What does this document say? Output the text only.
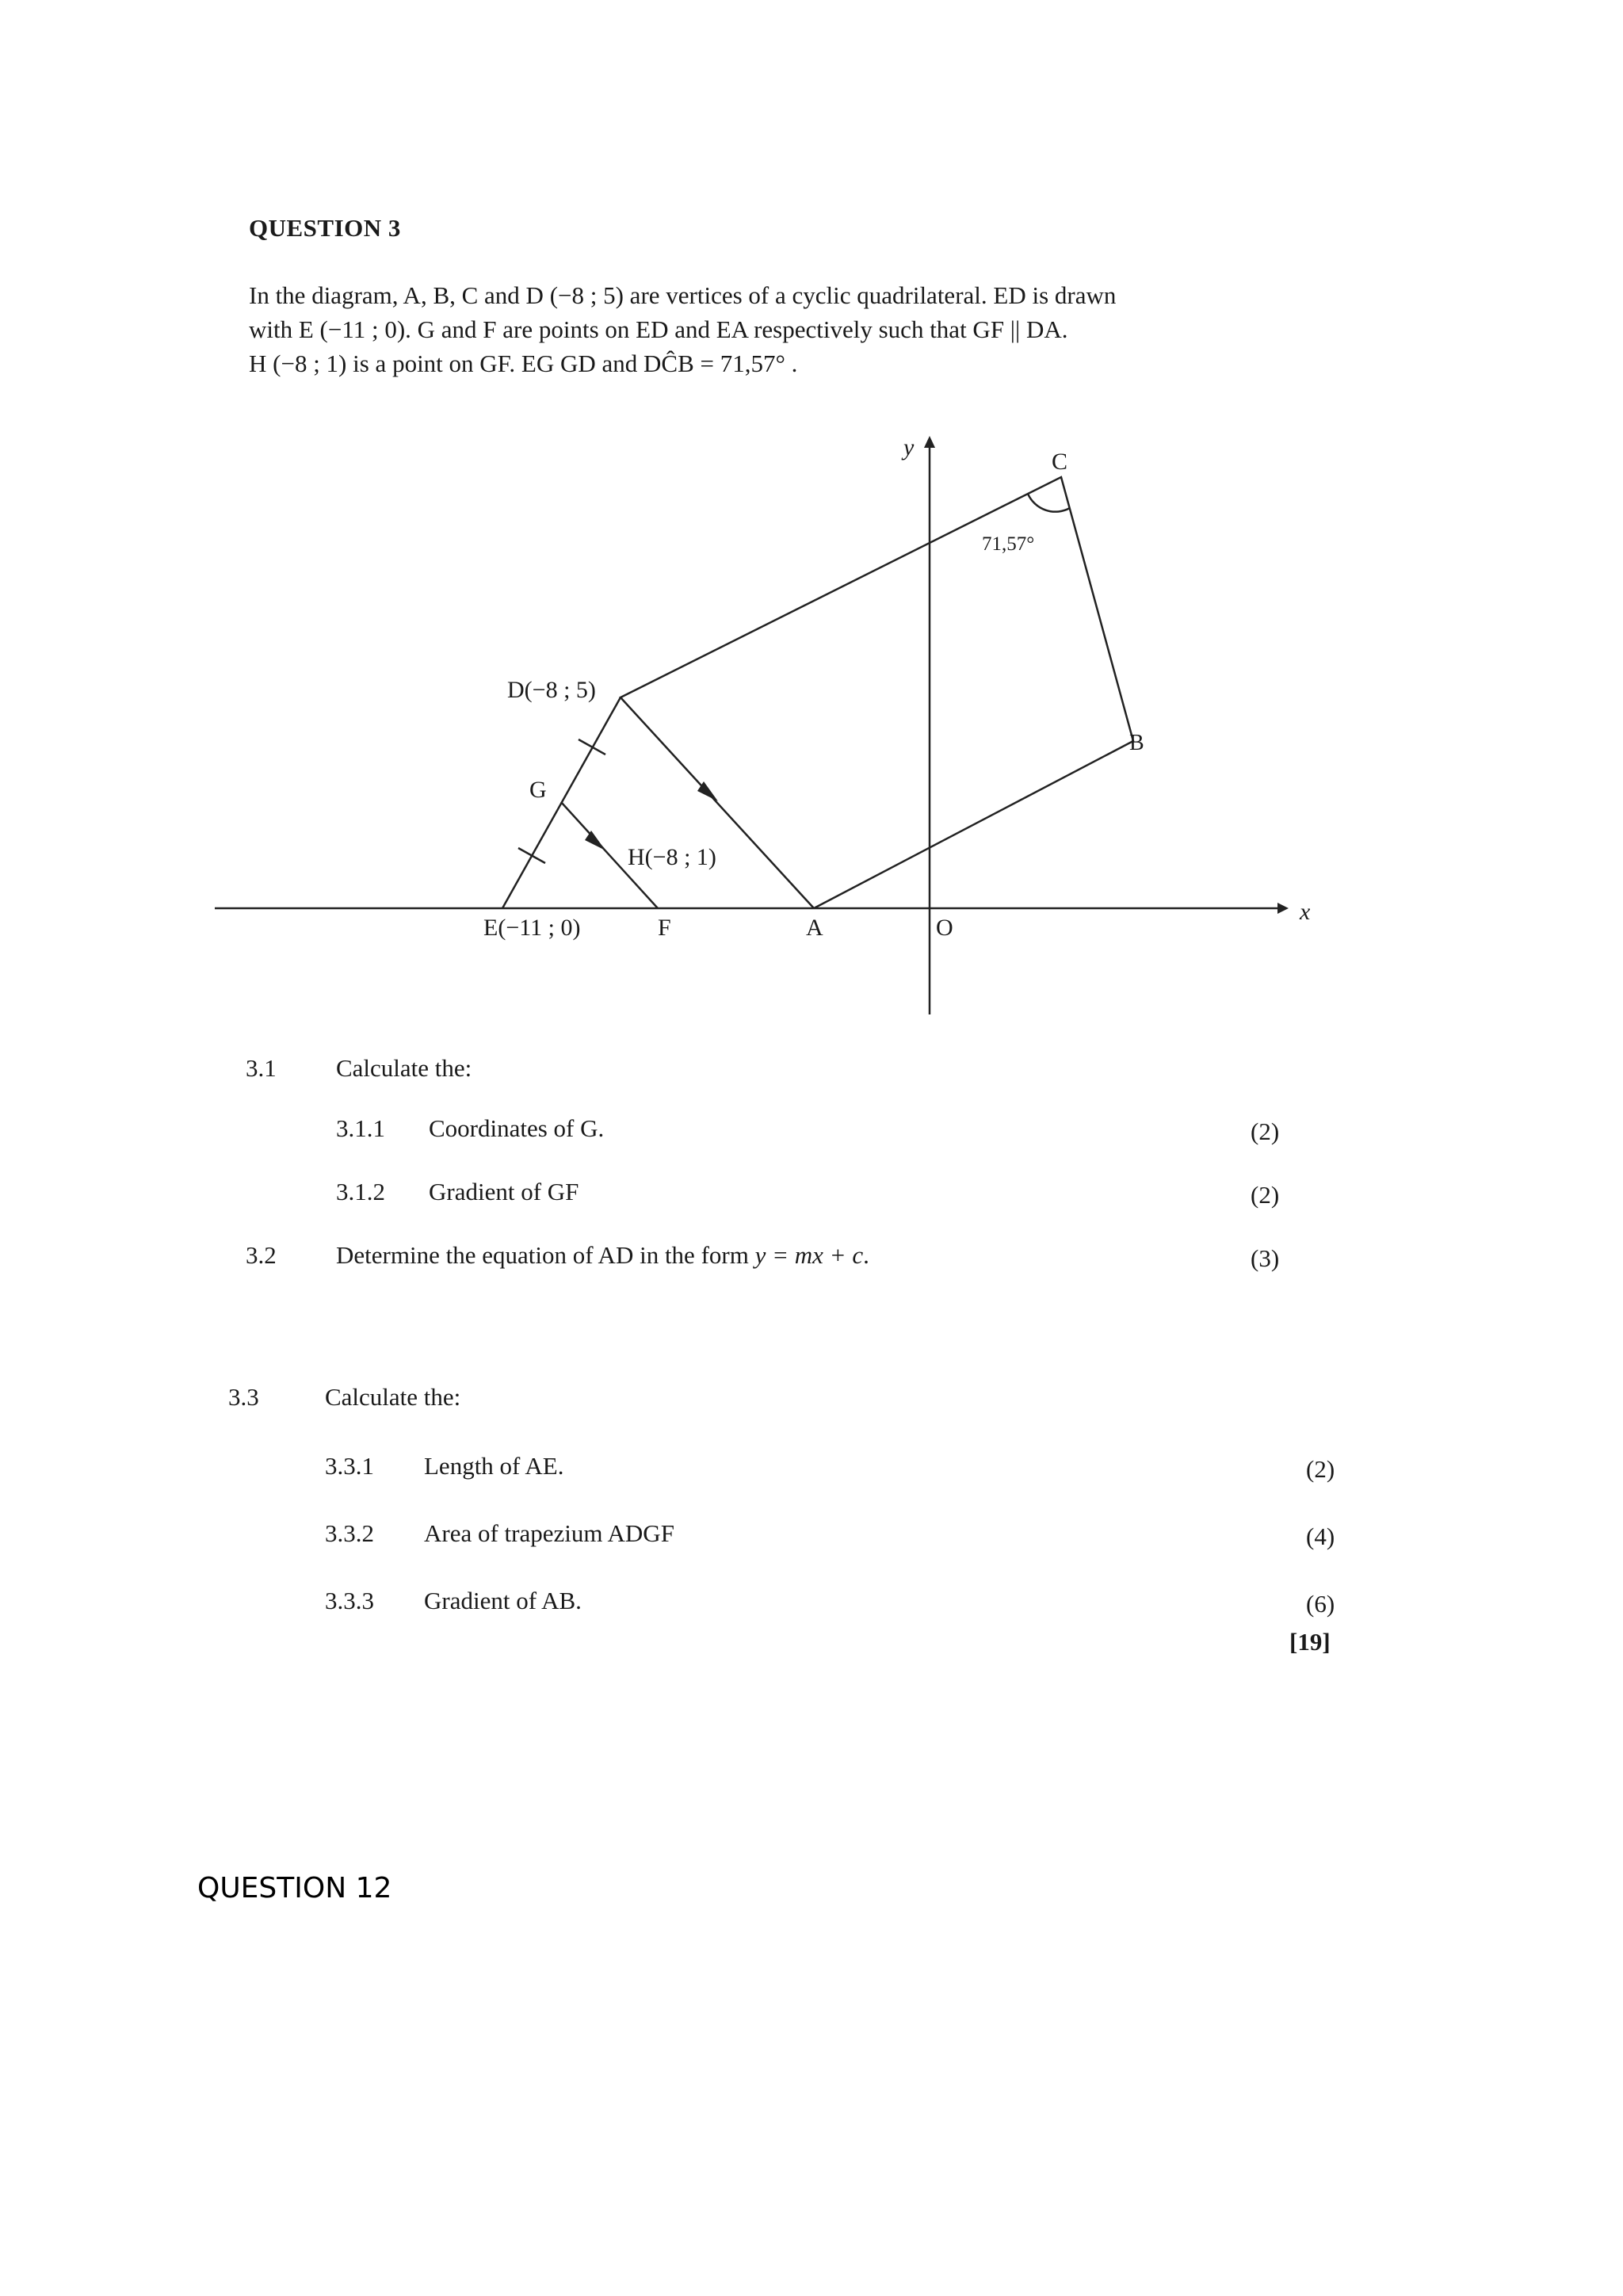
QUESTION 3
In the diagram, A, B, C and D (−8 ; 5) are vertices of a cyclic quadrilateral. ED is drawn
with E (−11 ; 0). G and F are points on ED and EA respectively such that GF || DA.
H (−8 ; 1) is a point on GF. EG GD and DĈB = 71,57° .
y
x
C
71,57°
D(−8 ; 5)
B
G
H(−8 ; 1)
E(−11 ; 0)	F	A	O
3.1 Calculate the:
3.1.1 Coordinates of G.	(2)
3.1.2 Gradient of GF	(2)
3.2 Determine the equation of AD in the form y = mx + c.	(3)
3.3	Calculate the:
3.3.1 Length of AE.	(2)
3.3.2 Area of trapezium ADGF	(4)
3.3.3 Gradient of AB.	(6)
[19]
QUESTION 12
